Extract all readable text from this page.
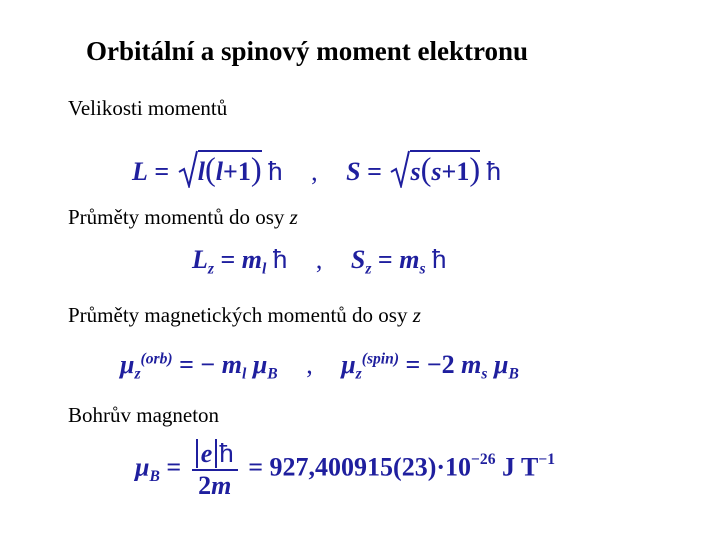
Orbitální a spinový moment elektronu
Velikosti momentů
L =
l(l+1) ħ , S =
s(s+1) ħ
Průměty momentů do osy z
$L_z = m_l$ ħ , $S_z = m_s$ ħ
Průměty magnetických momentů do osy z
$\mu_z^{(orb)}$ = − $m_l$ $\mu_B$ , $\mu_z^{(spin)} = -2$ $m_s$ $\mu_B$
Bohrův magneton
$\mu_B = \frac{\text{e ħ}}{2m} = 927,400915(23)\cdot 10^{-26}$ J $T^{-1}$
